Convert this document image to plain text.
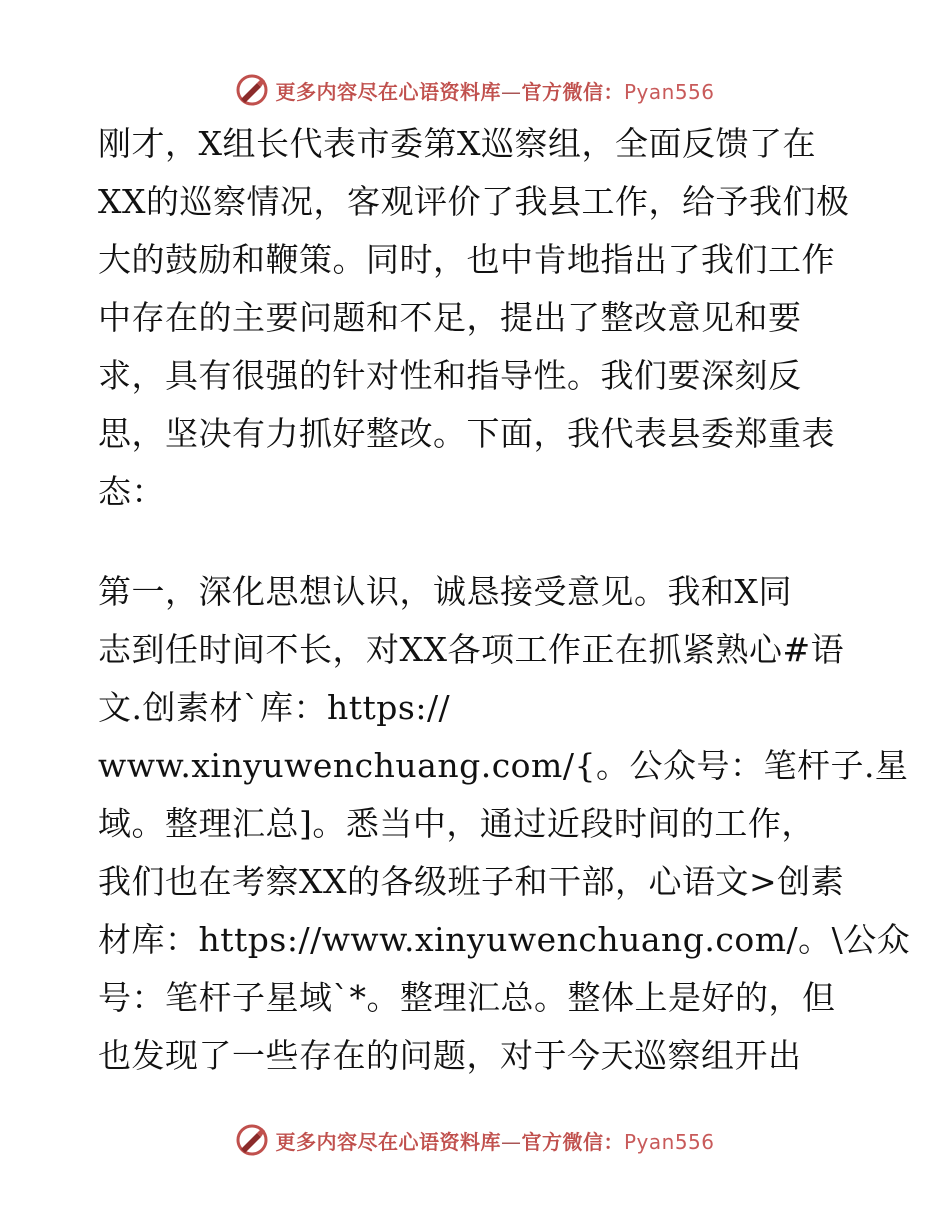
更多内容尽在心语资料库—官方微信：Pyan556
刚才，X组长代表市委第X巡察组，全面反馈了在
XX的巡察情况，客观评价了我县工作，给予我们极
大的鼓励和鞭策。同时，也中肯地指出了我们工作
中存在的主要问题和不足，提出了整改意见和要
求，具有很强的针对性和指导性。我们要深刻反
思，坚决有力抓好整改。下面，我代表县委郑重表
态：
第一，深化思想认识，诚恳接受意见。我和X同
志到任时间不长，对XX各项工作正在抓紧熟心#语
文.创素材`库：https://
www.xinyuwenchuang.com/{。公众号：笔杆子.星
域。整理汇总]。悉当中，通过近段时间的工作，
我们也在考察XX的各级班子和干部，心语文>创素
材库：https://www.xinyuwenchuang.com/。\公众
号：笔杆子星域`*。整理汇总。整体上是好的，但
也发现了一些存在的问题，对于今天巡察组开出
更多内容尽在心语资料库—官方微信：Pyan556
